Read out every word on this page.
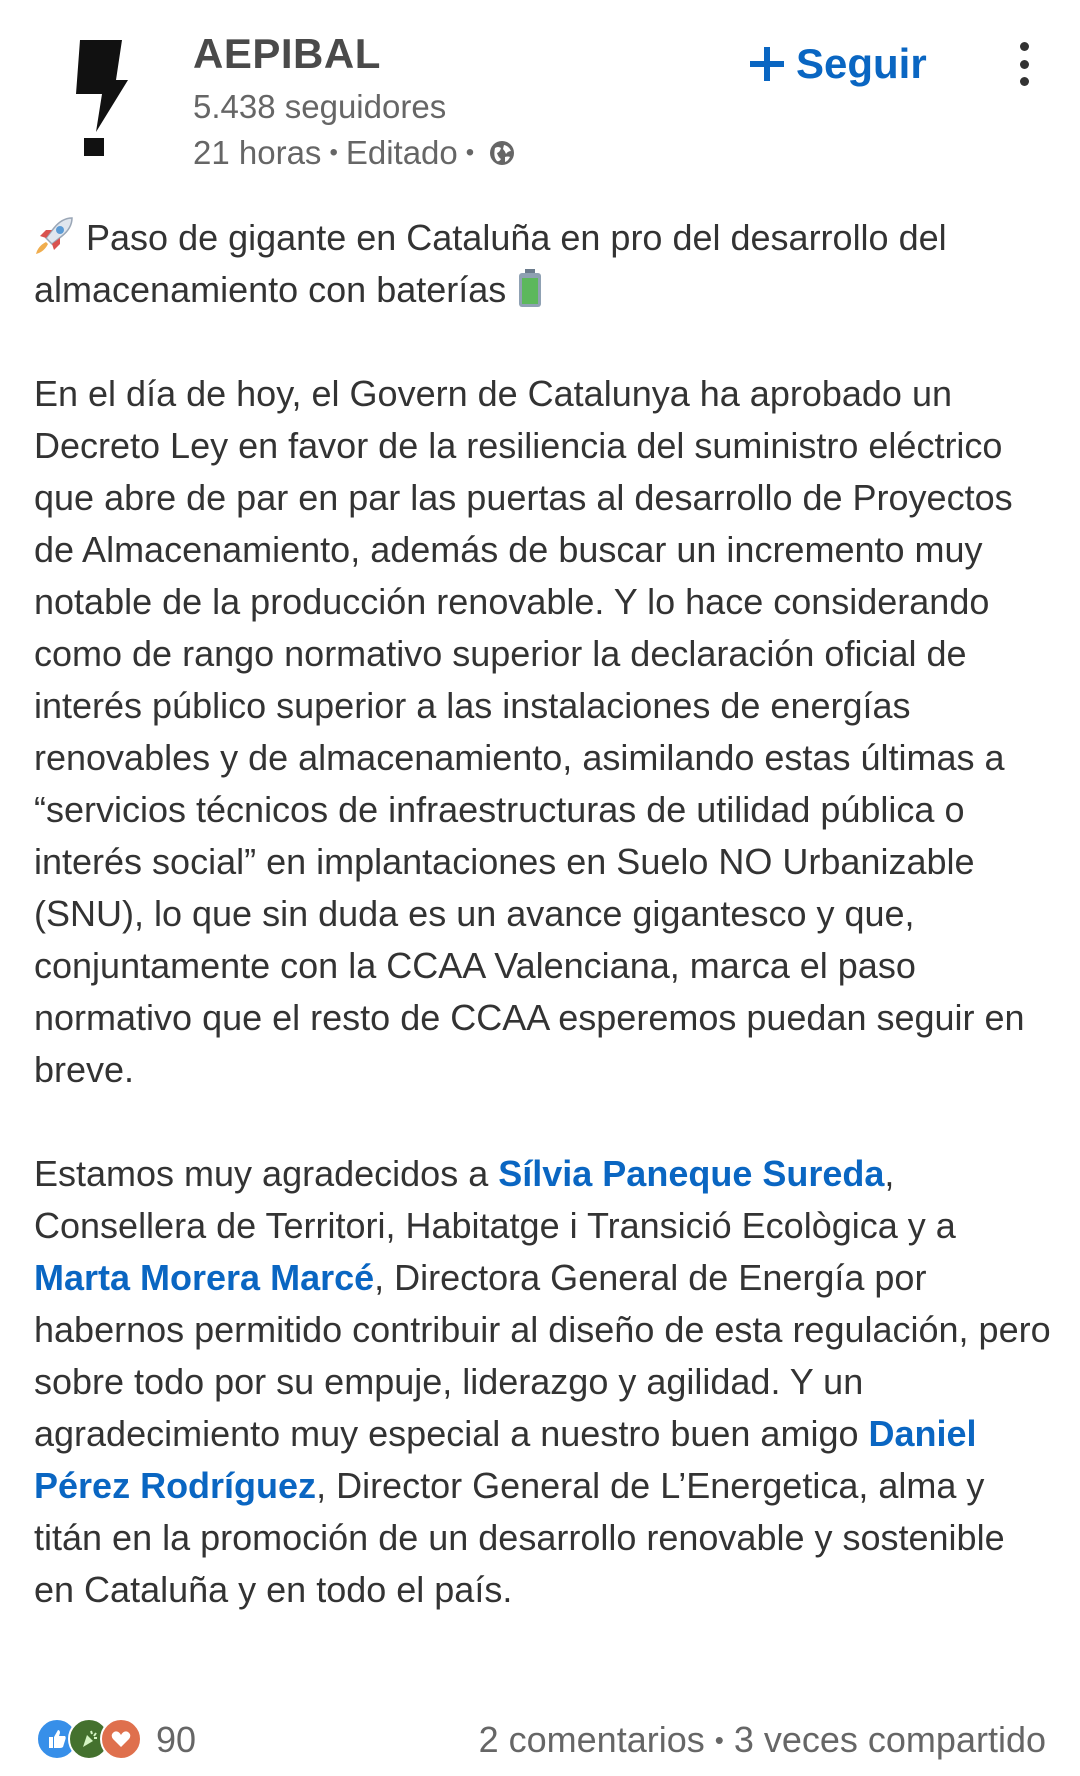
AEPIBAL
5.438 seguidores
21 horas • Editado •
Seguir

Paso de gigante en Cataluña en pro del desarrollo del almacenamiento con baterías

En el día de hoy, el Govern de Catalunya ha aprobado un Decreto Ley en favor de la resiliencia del suministro eléctrico que abre de par en par las puertas al desarrollo de Proyectos de Almacenamiento, además de buscar un incremento muy notable de la producción renovable. Y lo hace considerando como de rango normativo superior la declaración oficial de interés público superior a las instalaciones de energías renovables y de almacenamiento, asimilando estas últimas a “servicios técnicos de infraestructuras de utilidad pública o interés social” en implantaciones en Suelo NO Urbanizable (SNU), lo que sin duda es un avance gigantesco y que, conjuntamente con la CCAA Valenciana, marca el paso normativo que el resto de CCAA esperemos puedan seguir en breve.

Estamos muy agradecidos a Sílvia Paneque Sureda, Consellera de Territori, Habitatge i Transició Ecològica y a Marta Morera Marcé, Directora General de Energía por habernos permitido contribuir al diseño de esta regulación, pero sobre todo por su empuje, liderazgo y agilidad. Y un agradecimiento muy especial a nuestro buen amigo Daniel Pérez Rodríguez, Director General de L’Energetica, alma y titán en la promoción de un desarrollo renovable y sostenible en Cataluña y en todo el país.

90	2 comentarios • 3 veces compartido
